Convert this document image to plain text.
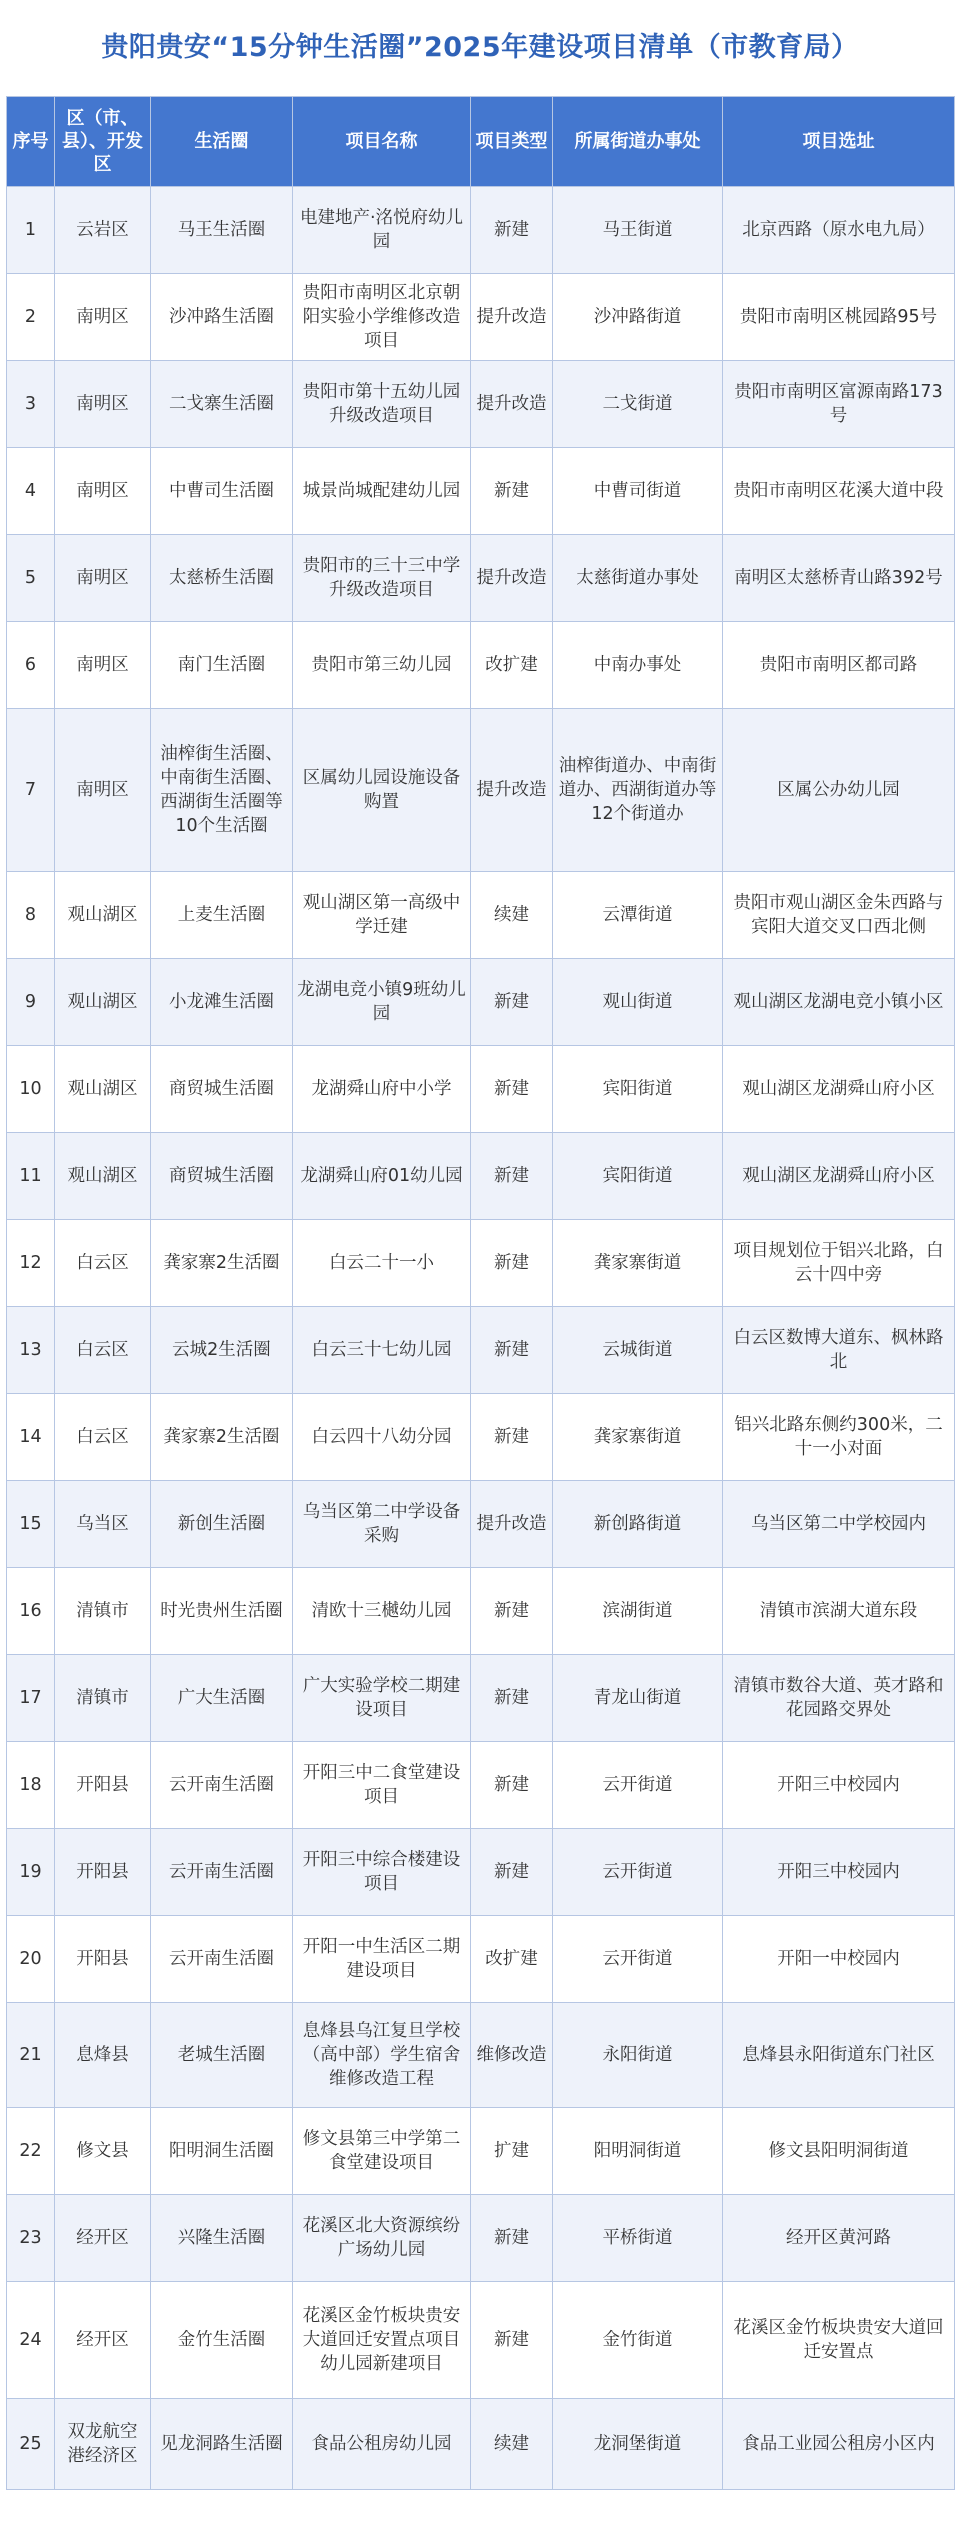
贵阳贵安“15分钟生活圈”2025年建设项目清单（市教育局）
序号	区（市、县）、开发区	生活圈	项目名称	项目类型	所属街道办事处	项目选址
1	云岩区	马王生活圈	电建地产·洺悦府幼儿园	新建	马王街道	北京西路（原水电九局）
2	南明区	沙冲路生活圈	贵阳市南明区北京朝阳实验小学维修改造项目	提升改造	沙冲路街道	贵阳市南明区桃园路95号
3	南明区	二戈寨生活圈	贵阳市第十五幼儿园升级改造项目	提升改造	二戈街道	贵阳市南明区富源南路173号
4	南明区	中曹司生活圈	城景尚城配建幼儿园	新建	中曹司街道	贵阳市南明区花溪大道中段
5	南明区	太慈桥生活圈	贵阳市的三十三中学升级改造项目	提升改造	太慈街道办事处	南明区太慈桥青山路392号
6	南明区	南门生活圈	贵阳市第三幼儿园	改扩建	中南办事处	贵阳市南明区都司路
7	南明区	油榨街生活圈、中南街生活圈、西湖街生活圈等10个生活圈	区属幼儿园设施设备购置	提升改造	油榨街道办、中南街道办、西湖街道办等12个街道办	区属公办幼儿园
8	观山湖区	上麦生活圈	观山湖区第一高级中学迁建	续建	云潭街道	贵阳市观山湖区金朱西路与宾阳大道交叉口西北侧
9	观山湖区	小龙滩生活圈	龙湖电竞小镇9班幼儿园	新建	观山街道	观山湖区龙湖电竞小镇小区
10	观山湖区	商贸城生活圈	龙湖舜山府中小学	新建	宾阳街道	观山湖区龙湖舜山府小区
11	观山湖区	商贸城生活圈	龙湖舜山府01幼儿园	新建	宾阳街道	观山湖区龙湖舜山府小区
12	白云区	龚家寨2生活圈	白云二十一小	新建	龚家寨街道	项目规划位于铝兴北路，白云十四中旁
13	白云区	云城2生活圈	白云三十七幼儿园	新建	云城街道	白云区数博大道东、枫林路北
14	白云区	龚家寨2生活圈	白云四十八幼分园	新建	龚家寨街道	铝兴北路东侧约300米，二十一小对面
15	乌当区	新创生活圈	乌当区第二中学设备采购	提升改造	新创路街道	乌当区第二中学校园内
16	清镇市	时光贵州生活圈	清欧十三樾幼儿园	新建	滨湖街道	清镇市滨湖大道东段
17	清镇市	广大生活圈	广大实验学校二期建设项目	新建	青龙山街道	清镇市数谷大道、英才路和花园路交界处
18	开阳县	云开南生活圈	开阳三中二食堂建设项目	新建	云开街道	开阳三中校园内
19	开阳县	云开南生活圈	开阳三中综合楼建设项目	新建	云开街道	开阳三中校园内
20	开阳县	云开南生活圈	开阳一中生活区二期建设项目	改扩建	云开街道	开阳一中校园内
21	息烽县	老城生活圈	息烽县乌江复旦学校（高中部）学生宿舍维修改造工程	维修改造	永阳街道	息烽县永阳街道东门社区
22	修文县	阳明洞生活圈	修文县第三中学第二食堂建设项目	扩建	阳明洞街道	修文县阳明洞街道
23	经开区	兴隆生活圈	花溪区北大资源缤纷广场幼儿园	新建	平桥街道	经开区黄河路
24	经开区	金竹生活圈	花溪区金竹板块贵安大道回迁安置点项目幼儿园新建项目	新建	金竹街道	花溪区金竹板块贵安大道回迁安置点
25	双龙航空港经济区	见龙洞路生活圈	食品公租房幼儿园	续建	龙洞堡街道	食品工业园公租房小区内
